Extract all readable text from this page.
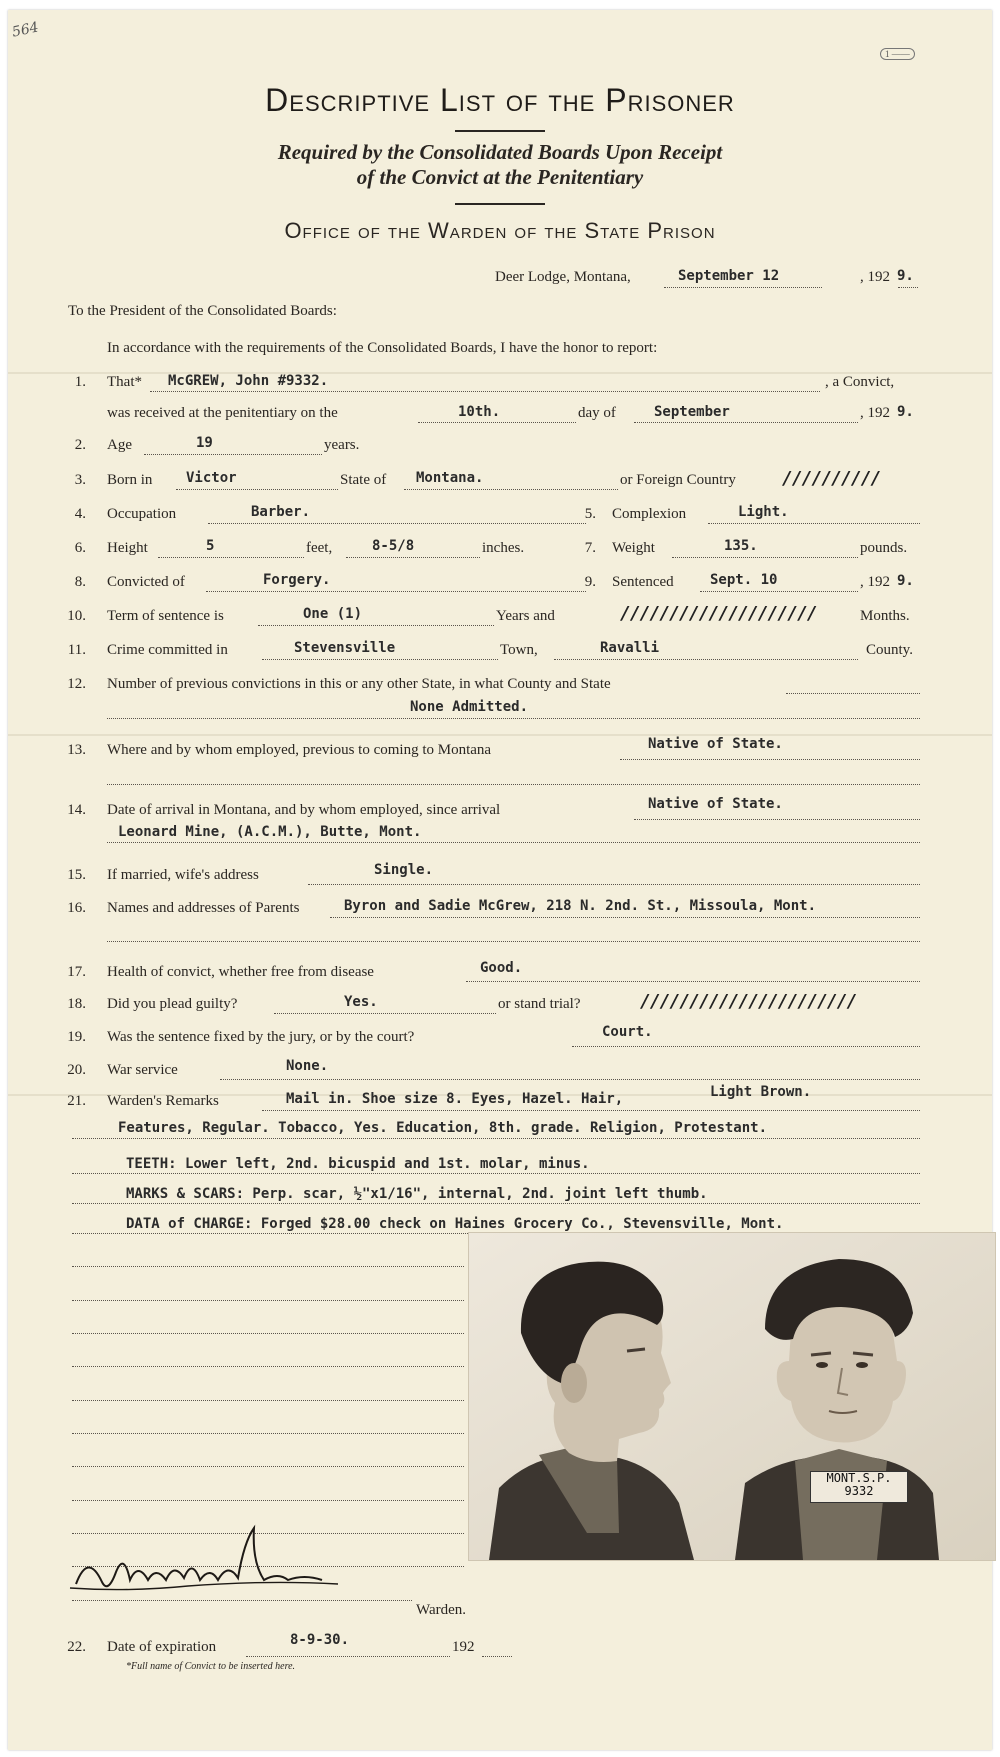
564
1 ——
Descriptive List of the Prisoner
Required by the Consolidated Boards Upon Receipt
of the Convict at the Penitentiary
Office of the Warden of the State Prison
Deer Lodge, Montana,	September 12	, 192 9.
To the President of the Consolidated Boards:
In accordance with the requirements of the Consolidated Boards, I have the honor to report:
1. That* McGREW, John #9332.	, a Convict,
was received at the penitentiary on the	10th.	day of	September	, 192 9.
2. Age	19	years.
3. Born in Victor	State of Montana.	or Foreign Country	//////////
4. Occupation	Barber.	5. Complexion	Light.
6. Height	5	feet,	8-5/8	inches.	7. Weight	135.	pounds.
8. Convicted of	Forgery.	9. Sentenced	Sept. 10	, 192 9.
10. Term of sentence is	One (1)	Years and	////////////////////	Months.
11. Crime committed in	Stevensville	Town,	Ravalli	County.
12. Number of previous convictions in this or any other State, in what County and State
None Admitted.
13. Where and by whom employed, previous to coming to Montana	Native of State.
14. Date of arrival in Montana, and by whom employed, since arrival	Native of State.
Leonard Mine, (A.C.M.), Butte, Mont.
15. If married, wife's address	Single.
16. Names and addresses of Parents	Byron and Sadie McGrew, 218 N. 2nd. St., Missoula, Mont.
17. Health of convict, whether free from disease	Good.
18. Did you plead guilty?	Yes.	or stand trial?	//////////////////////
19. Was the sentence fixed by the jury, or by the court?	Court.
20. War service	None.
21. Warden's Remarks	Mail in. Shoe size 8. Eyes, Hazel. Hair,	Light Brown.
Features, Regular. Tobacco, Yes. Education, 8th. grade. Religion, Protestant.
TEETH: Lower left, 2nd. bicuspid and 1st. molar, minus.
MARKS & SCARS: Perp. scar, ½"x1/16", internal, 2nd. joint left thumb.
DATA of CHARGE: Forged $28.00 check on Haines Grocery Co., Stevensville, Mont.
MONT.S.P.
9332
Warden.
22. Date of expiration	8-9-30.	192
*Full name of Convict to be inserted here.
